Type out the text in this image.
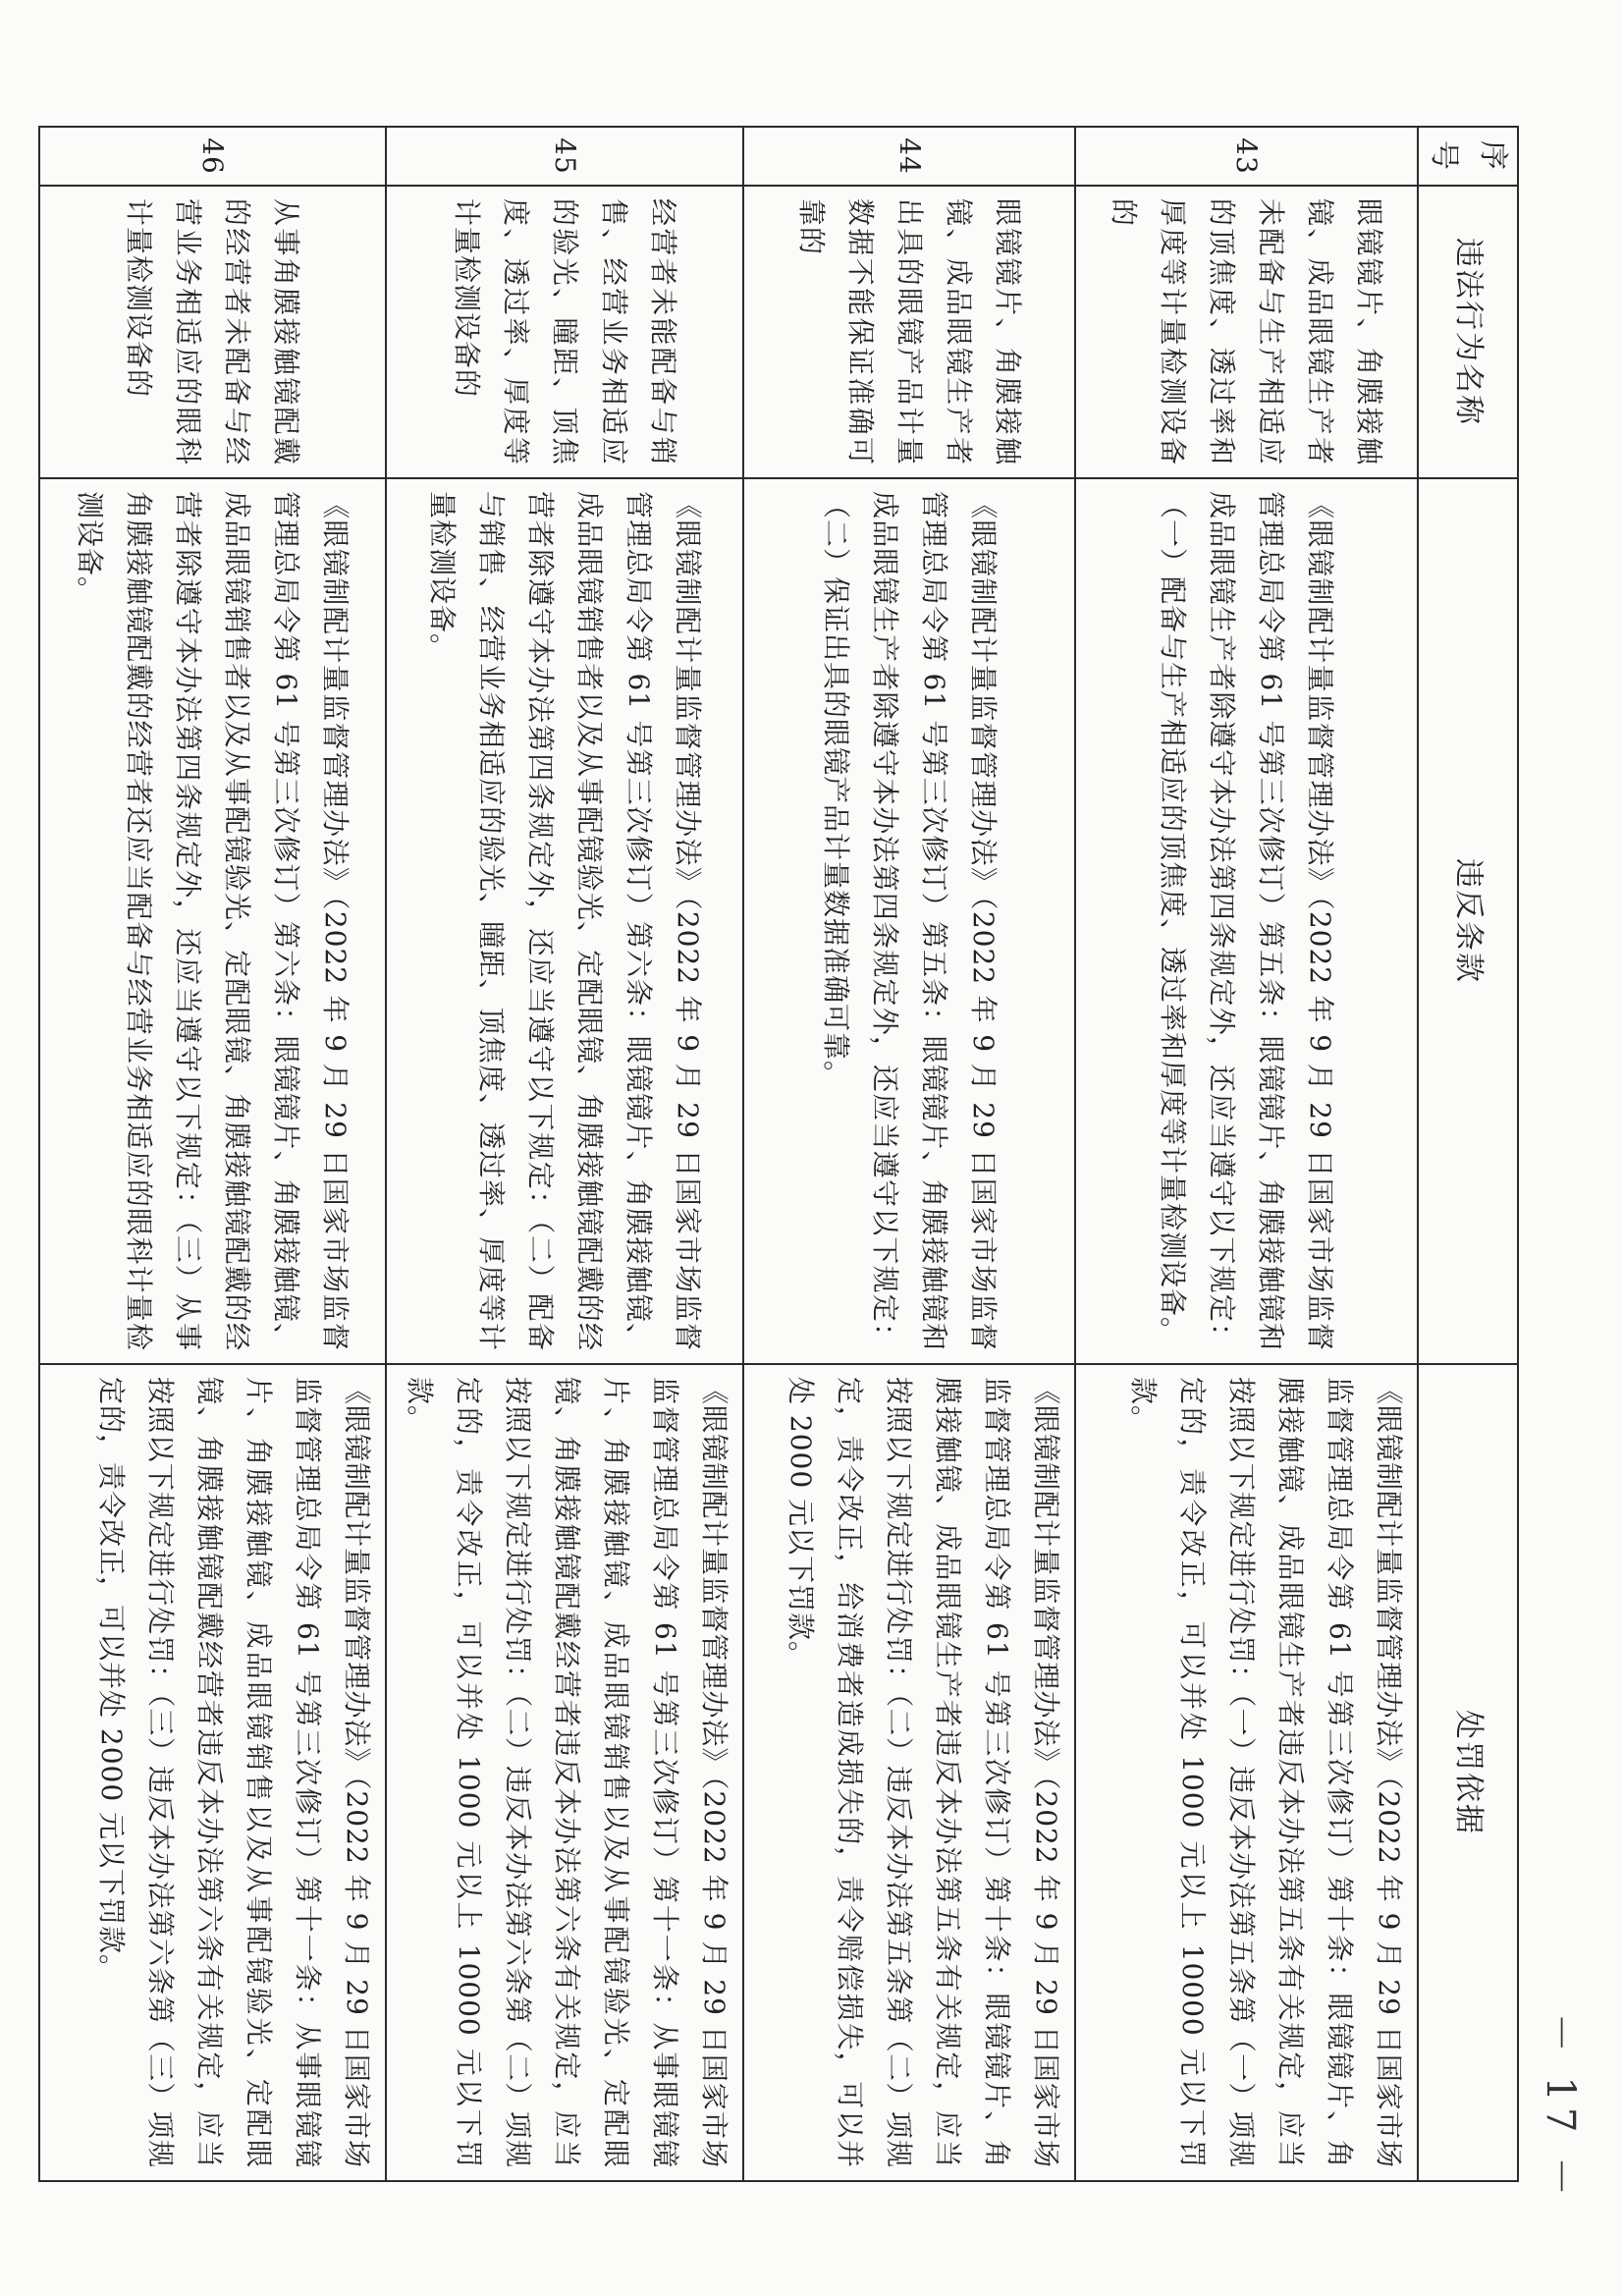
序号	违法行为名称	违反条款	处罚依据
43	眼镜镜片、角膜接触镜、成品眼镜生产者未配备与生产相适应的顶焦度、透过率和厚度等计量检测设备的	《眼镜制配计量监督管理办法》（2022 年 9 月 29 日国家市场监督管理总局令第 61 号第三次修订）第五条：眼镜镜片、角膜接触镜和成品眼镜生产者除遵守本办法第四条规定外，还应当遵守以下规定：（一）配备与生产相适应的顶焦度、透过率和厚度等计量检测设备。	《眼镜制配计量监督管理办法》（2022 年 9 月 29 日国家市场监督管理总局令第 61 号第三次修订）第十条：眼镜镜片、角膜接触镜、成品眼镜生产者违反本办法第五条有关规定，应当按照以下规定进行处罚：（一）违反本办法第五条第（一）项规定的，责令改正，可以并处 1000 元以上 10000 元以下罚款。
44	眼镜镜片、角膜接触镜、成品眼镜生产者出具的眼镜产品计量数据不能保证准确可靠的	《眼镜制配计量监督管理办法》（2022 年 9 月 29 日国家市场监督管理总局令第 61 号第三次修订）第五条：眼镜镜片、角膜接触镜和成品眼镜生产者除遵守本办法第四条规定外，还应当遵守以下规定：（二）保证出具的眼镜产品计量数据准确可靠。	《眼镜制配计量监督管理办法》（2022 年 9 月 29 日国家市场监督管理总局令第 61 号第三次修订）第十条：眼镜镜片、角膜接触镜、成品眼镜生产者违反本办法第五条有关规定，应当按照以下规定进行处罚：（二）违反本办法第五条第（二）项规定，责令改正，给消费者造成损失的，责令赔偿损失，可以并处 2000 元以下罚款。
45	经营者未能配备与销售、经营业务相适应的验光、瞳距、顶焦度、透过率、厚度等计量检测设备的	《眼镜制配计量监督管理办法》（2022 年 9 月 29 日国家市场监督管理总局令第 61 号第三次修订）第六条：眼镜镜片、角膜接触镜、成品眼镜销售者以及从事配镜验光、定配眼镜、角膜接触镜配戴的经营者除遵守本办法第四条规定外，还应当遵守以下规定：（二）配备与销售、经营业务相适应的验光、瞳距、顶焦度、透过率、厚度等计量检测设备。	《眼镜制配计量监督管理办法》（2022 年 9 月 29 日国家市场监督管理总局令第 61 号第三次修订）第十一条：从事眼镜镜片、角膜接触镜、成品眼镜销售以及从事配镜验光、定配眼镜、角膜接触镜配戴经营者违反本办法第六条有关规定，应当按照以下规定进行处罚：（二）违反本办法第六条第（二）项规定的，责令改正，可以并处 1000 元以上 10000 元以下罚款。
46	从事角膜接触镜配戴的经营者未配备与经营业务相适应的眼科计量检测设备的	《眼镜制配计量监督管理办法》（2022 年 9 月 29 日国家市场监督管理总局令第 61 号第三次修订）第六条：眼镜镜片、角膜接触镜、成品眼镜销售者以及从事配镜验光、定配眼镜、角膜接触镜配戴的经营者除遵守本办法第四条规定外，还应当遵守以下规定：（三）从事角膜接触镜配戴的经营者还应当配备与经营业务相适应的眼科计量检测设备。	《眼镜制配计量监督管理办法》（2022 年 9 月 29 日国家市场监督管理总局令第 61 号第三次修订）第十一条：从事眼镜镜片、角膜接触镜、成品眼镜销售以及从事配镜验光、定配眼镜、角膜接触镜配戴经营者违反本办法第六条有关规定，应当按照以下规定进行处罚：（三）违反本办法第六条第（三）项规定的，责令改正，可以并处 2000 元以下罚款。
－ 17 －
